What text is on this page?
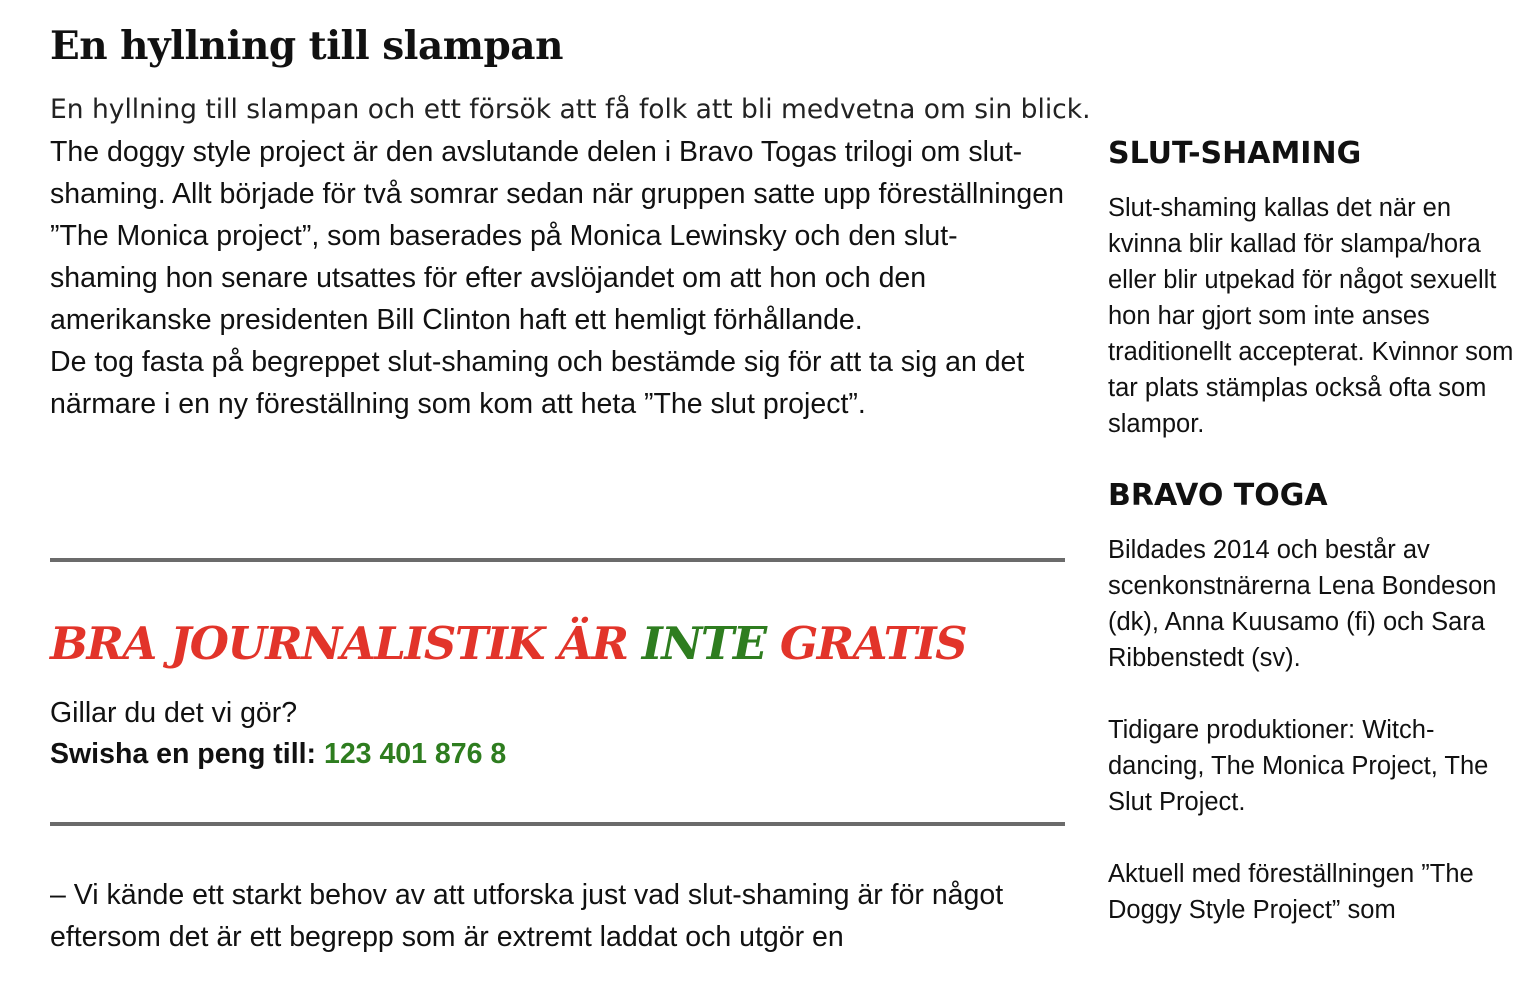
En hyllning till slampan

En hyllning till slampan och ett försök att få folk att bli medvetna om sin blick.

The doggy style project är den avslutande delen i Bravo Togas trilogi om slut-shaming. Allt började för två somrar sedan när gruppen satte upp föreställningen ”The Monica project”, som baserades på Monica Lewinsky och den slut-shaming hon senare utsattes för efter avslöjandet om att hon och den amerikanske presidenten Bill Clinton haft ett hemligt förhållande.

De tog fasta på begreppet slut-shaming och bestämde sig för att ta sig an det närmare i en ny föreställning som kom att heta ”The slut project”.

BRA JOURNALISTIK ÄR INTE GRATIS

Gillar du det vi gör?

Swisha en peng till: 123 401 876 8

– Vi kände ett starkt behov av att utforska just vad slut-shaming är för något eftersom det är ett begrepp som är extremt laddat och utgör en

SLUT-SHAMING

Slut-shaming kallas det när en kvinna blir kallad för slampa/hora eller blir utpekad för något sexuellt hon har gjort som inte anses traditionellt accepterat. Kvinnor som tar plats stämplas också ofta som slampor.

BRAVO TOGA

Bildades 2014 och består av scenkonstnärerna Lena Bondeson (dk), Anna Kuusamo (fi) och Sara Ribbenstedt (sv).

Tidigare produktioner: Witch-dancing, The Monica Project, The Slut Project.

Aktuell med föreställningen ”The Doggy Style Project” som
